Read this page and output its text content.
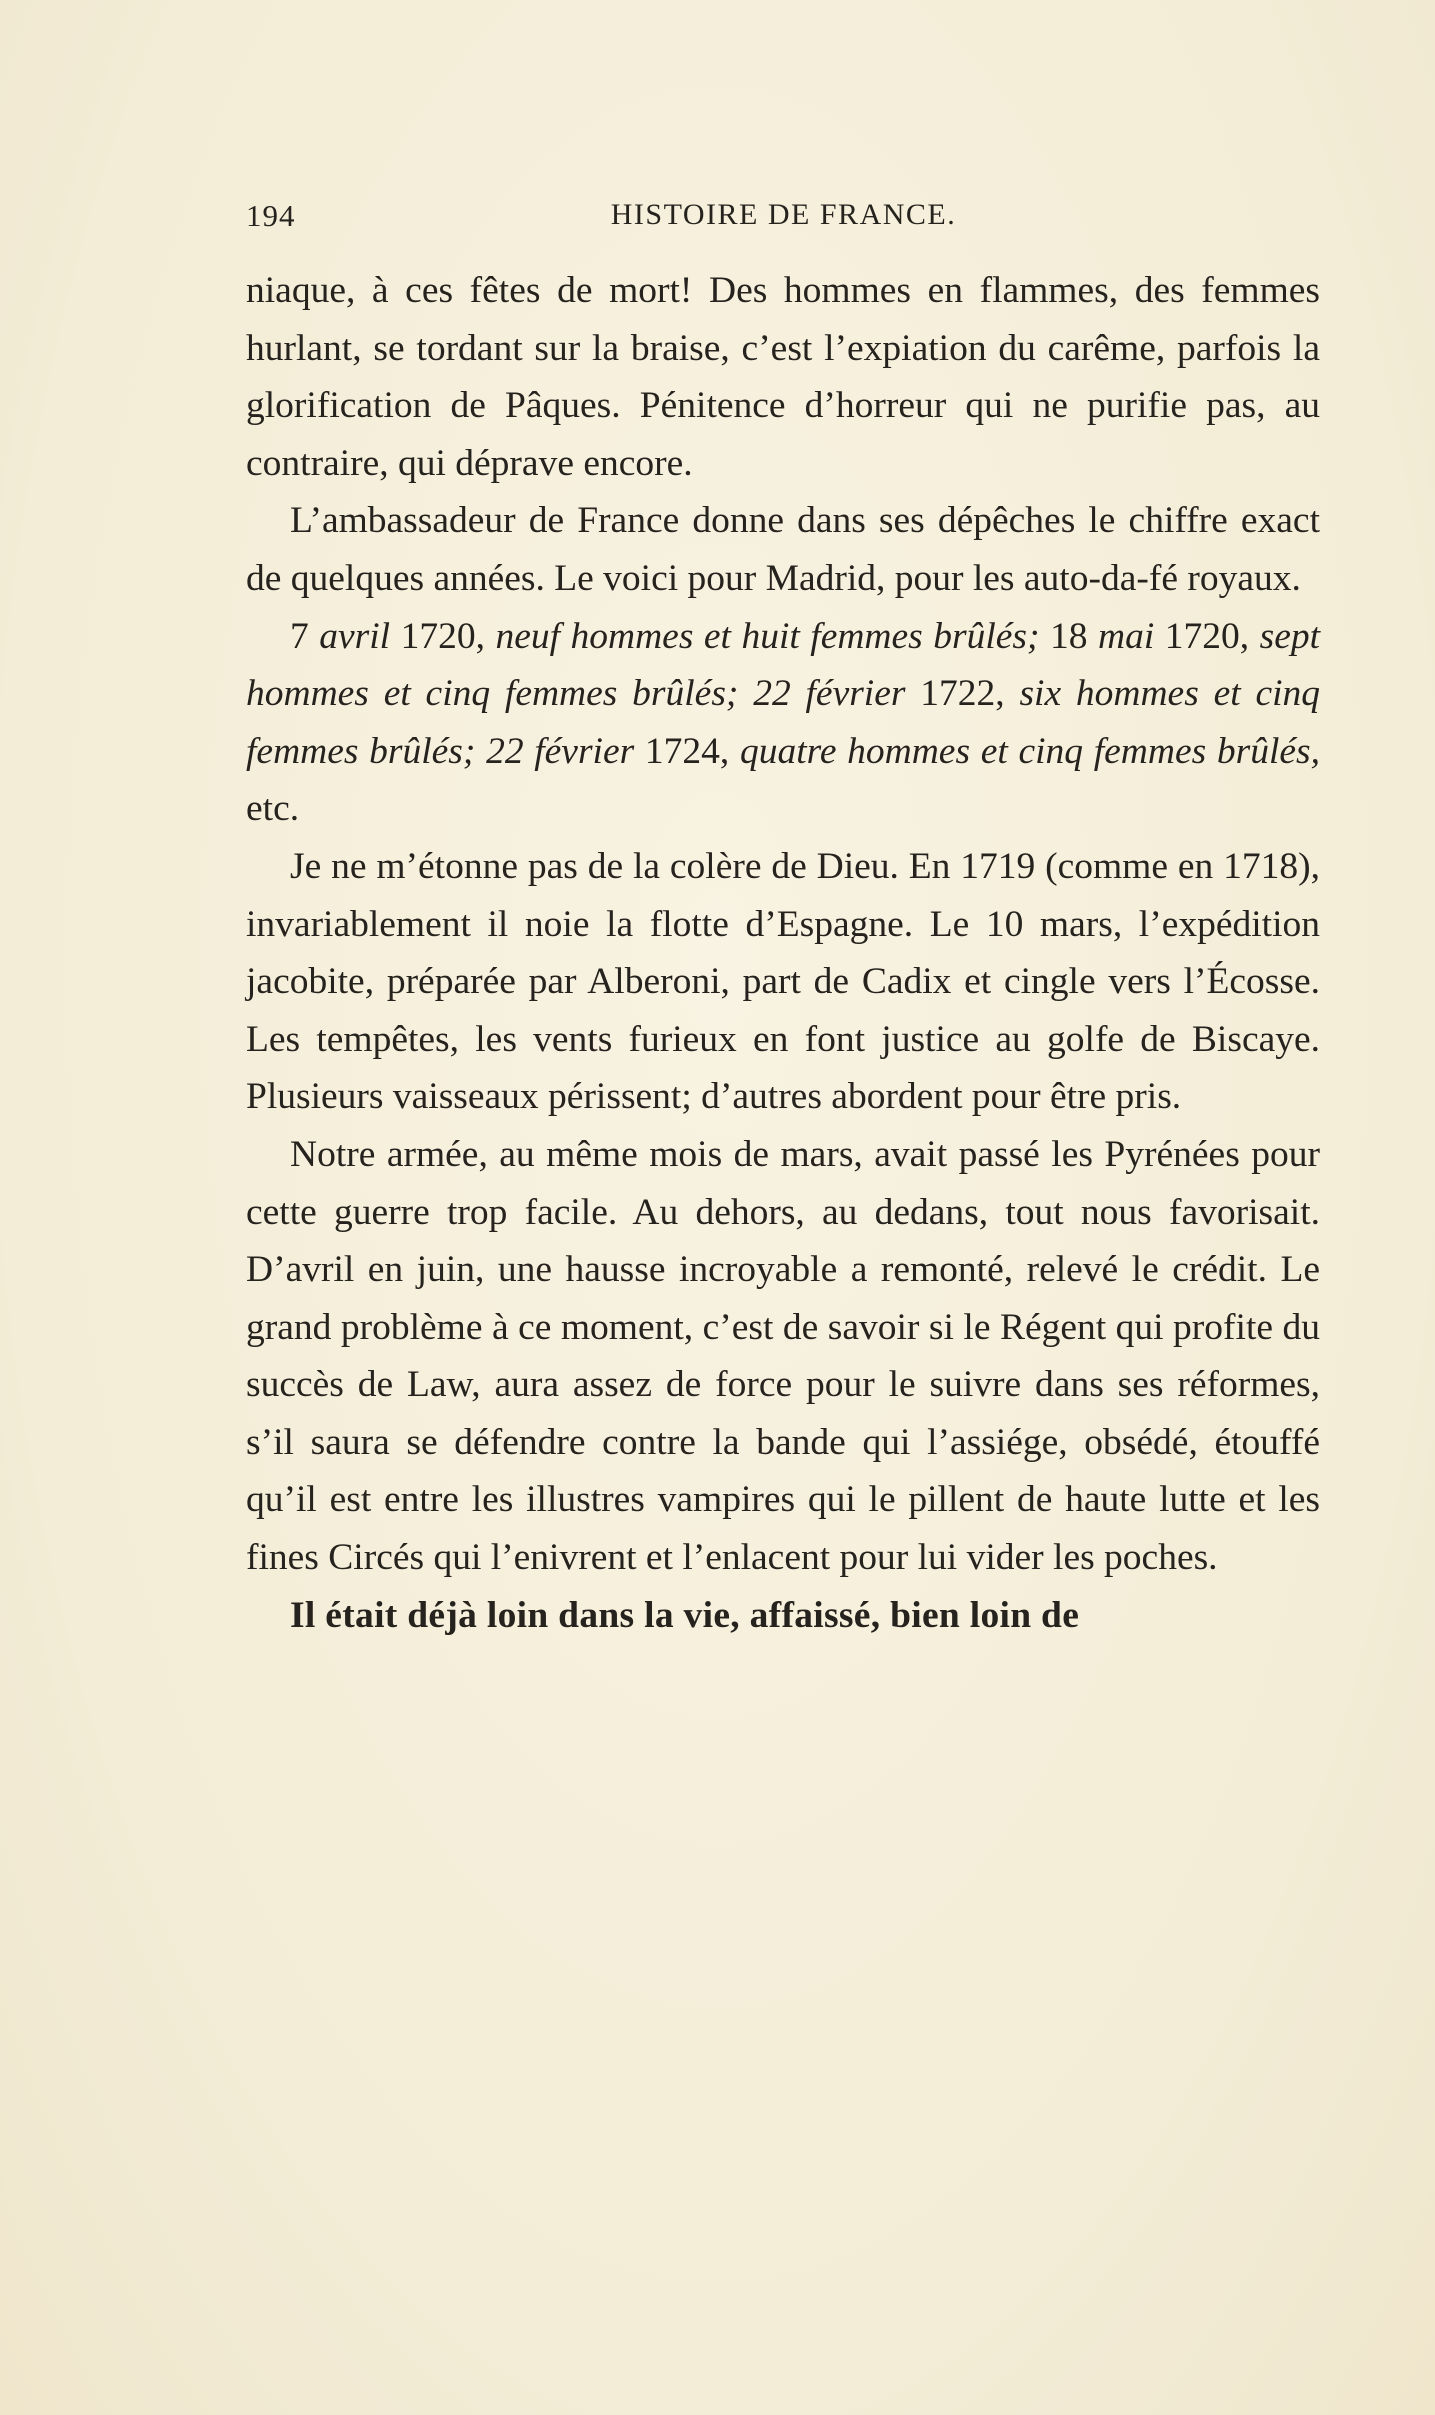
194	HISTOIRE DE FRANCE.

niaque, à ces fêtes de mort! Des hommes en flammes, des femmes hurlant, se tordant sur la braise, c’est l’expiation du carême, parfois la glorification de Pâques. Pénitence d’horreur qui ne purifie pas, au contraire, qui déprave encore.

L’ambassadeur de France donne dans ses dépêches le chiffre exact de quelques années. Le voici pour Madrid, pour les auto-da-fé royaux.

7 avril 1720, neuf hommes et huit femmes brûlés; 18 mai 1720, sept hommes et cinq femmes brûlés; 22 février 1722, six hommes et cinq femmes brûlés; 22 février 1724, quatre hommes et cinq femmes brûlés, etc.

Je ne m’étonne pas de la colère de Dieu. En 1719 (comme en 1718), invariablement il noie la flotte d’Espagne. Le 10 mars, l’expédition jacobite, préparée par Alberoni, part de Cadix et cingle vers l’Écosse. Les tempêtes, les vents furieux en font justice au golfe de Biscaye. Plusieurs vaisseaux périssent; d’autres abordent pour être pris.

Notre armée, au même mois de mars, avait passé les Pyrénées pour cette guerre trop facile. Au dehors, au dedans, tout nous favorisait. D’avril en juin, une hausse incroyable a remonté, relevé le crédit. Le grand problème à ce moment, c’est de savoir si le Régent qui profite du succès de Law, aura assez de force pour le suivre dans ses réformes, s’il saura se défendre contre la bande qui l’assiége, obsédé, étouffé qu’il est entre les illustres vampires qui le pillent de haute lutte et les fines Circés qui l’enivrent et l’enlacent pour lui vider les poches.

Il était déjà loin dans la vie, affaissé, bien loin de
